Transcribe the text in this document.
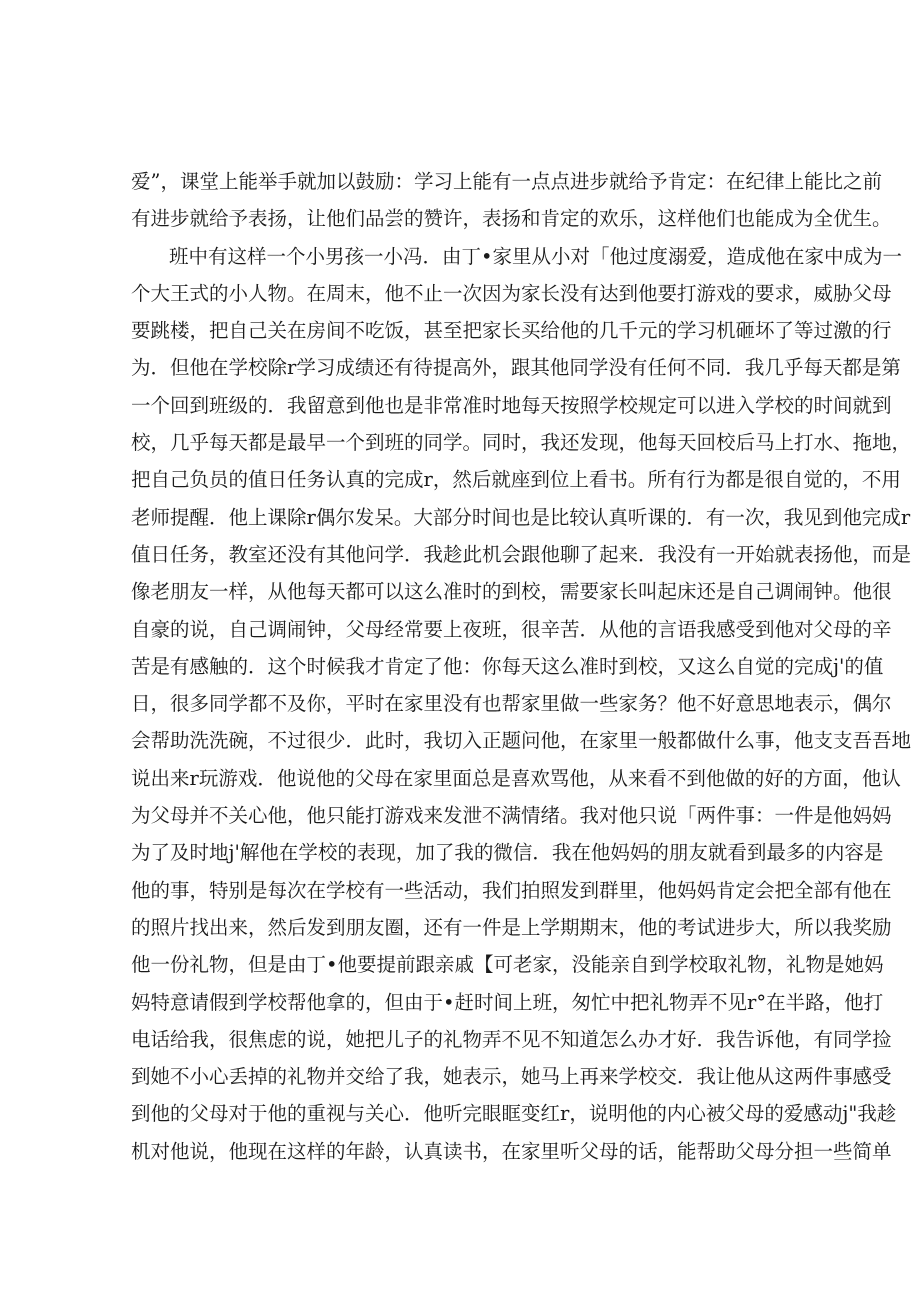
爱”，课堂上能举手就加以鼓励：学习上能有一点点进步就给予肯定：在纪律上能比之前
有进步就给予表扬，让他们品尝的赞许，表扬和肯定的欢乐，这样他们也能成为全优生。
班中有这样一个小男孩一小冯．由丁•家里从小对「他过度溺爱，造成他在家中成为一
个大王式的小人物。在周末，他不止一次因为家长没有达到他要打游戏的要求，威胁父母
要跳楼，把自己关在房间不吃饭，甚至把家长买给他的几千元的学习机砸坏了等过激的行
为．但他在学校除r学习成绩还有待提高外，跟其他同学没有任何不同．我几乎每天都是第
一个回到班级的．我留意到他也是非常准时地每天按照学校规定可以进入学校的时间就到
校，几乎每天都是最早一个到班的同学。同时，我还发现，他每天回校后马上打水、拖地，
把自己负员的值日任务认真的完成r，然后就座到位上看书。所有行为都是很自觉的，不用
老师提醒．他上课除r偶尔发呆。大部分时间也是比较认真听课的．有一次，我见到他完成r
值日任务，教室还没有其他问学．我趁此机会跟他聊了起来．我没有一开始就表扬他，而是
像老朋友一样，从他每天都可以这么准时的到校，需要家长叫起床还是自己调闹钟。他很
自豪的说，自己调闹钟，父母经常要上夜班，很辛苦．从他的言语我感受到他对父母的辛
苦是有感触的．这个时候我才肯定了他：你每天这么准时到校，又这么自觉的完成j'的值
日，很多同学都不及你，平时在家里没有也帮家里做一些家务？他不好意思地表示，偶尔
会帮助洗洗碗，不过很少．此时，我切入正题问他，在家里一般都做什么事，他支支吾吾地
说出来r玩游戏．他说他的父母在家里面总是喜欢骂他，从来看不到他做的好的方面，他认
为父母并不关心他，他只能打游戏来发泄不满情绪。我对他只说「两件事：一件是他妈妈
为了及时地j'解他在学校的表现，加了我的微信．我在他妈妈的朋友就看到最多的内容是
他的事，特别是每次在学校有一些活动，我们拍照发到群里，他妈妈肯定会把全部有他在
的照片找出来，然后发到朋友圈，还有一件是上学期期末，他的考试进步大，所以我奖励
他一份礼物，但是由丁•他要提前跟亲戚【可老家，没能亲自到学校取礼物，礼物是她妈
妈特意请假到学校帮他拿的，但由于•赶时间上班，匆忙中把礼物弄不见r°在半路，他打
电话给我，很焦虑的说，她把儿子的礼物弄不见不知道怎么办才好．我告诉他，有同学捡
到她不小心丢掉的礼物并交给了我，她表示，她马上再来学校交．我让他从这两件事感受
到他的父母对于他的重视与关心．他听完眼眶变红r，说明他的内心被父母的爱感动j"我趁
机对他说，他现在这样的年龄，认真读书，在家里听父母的话，能帮助父母分担一些简单
